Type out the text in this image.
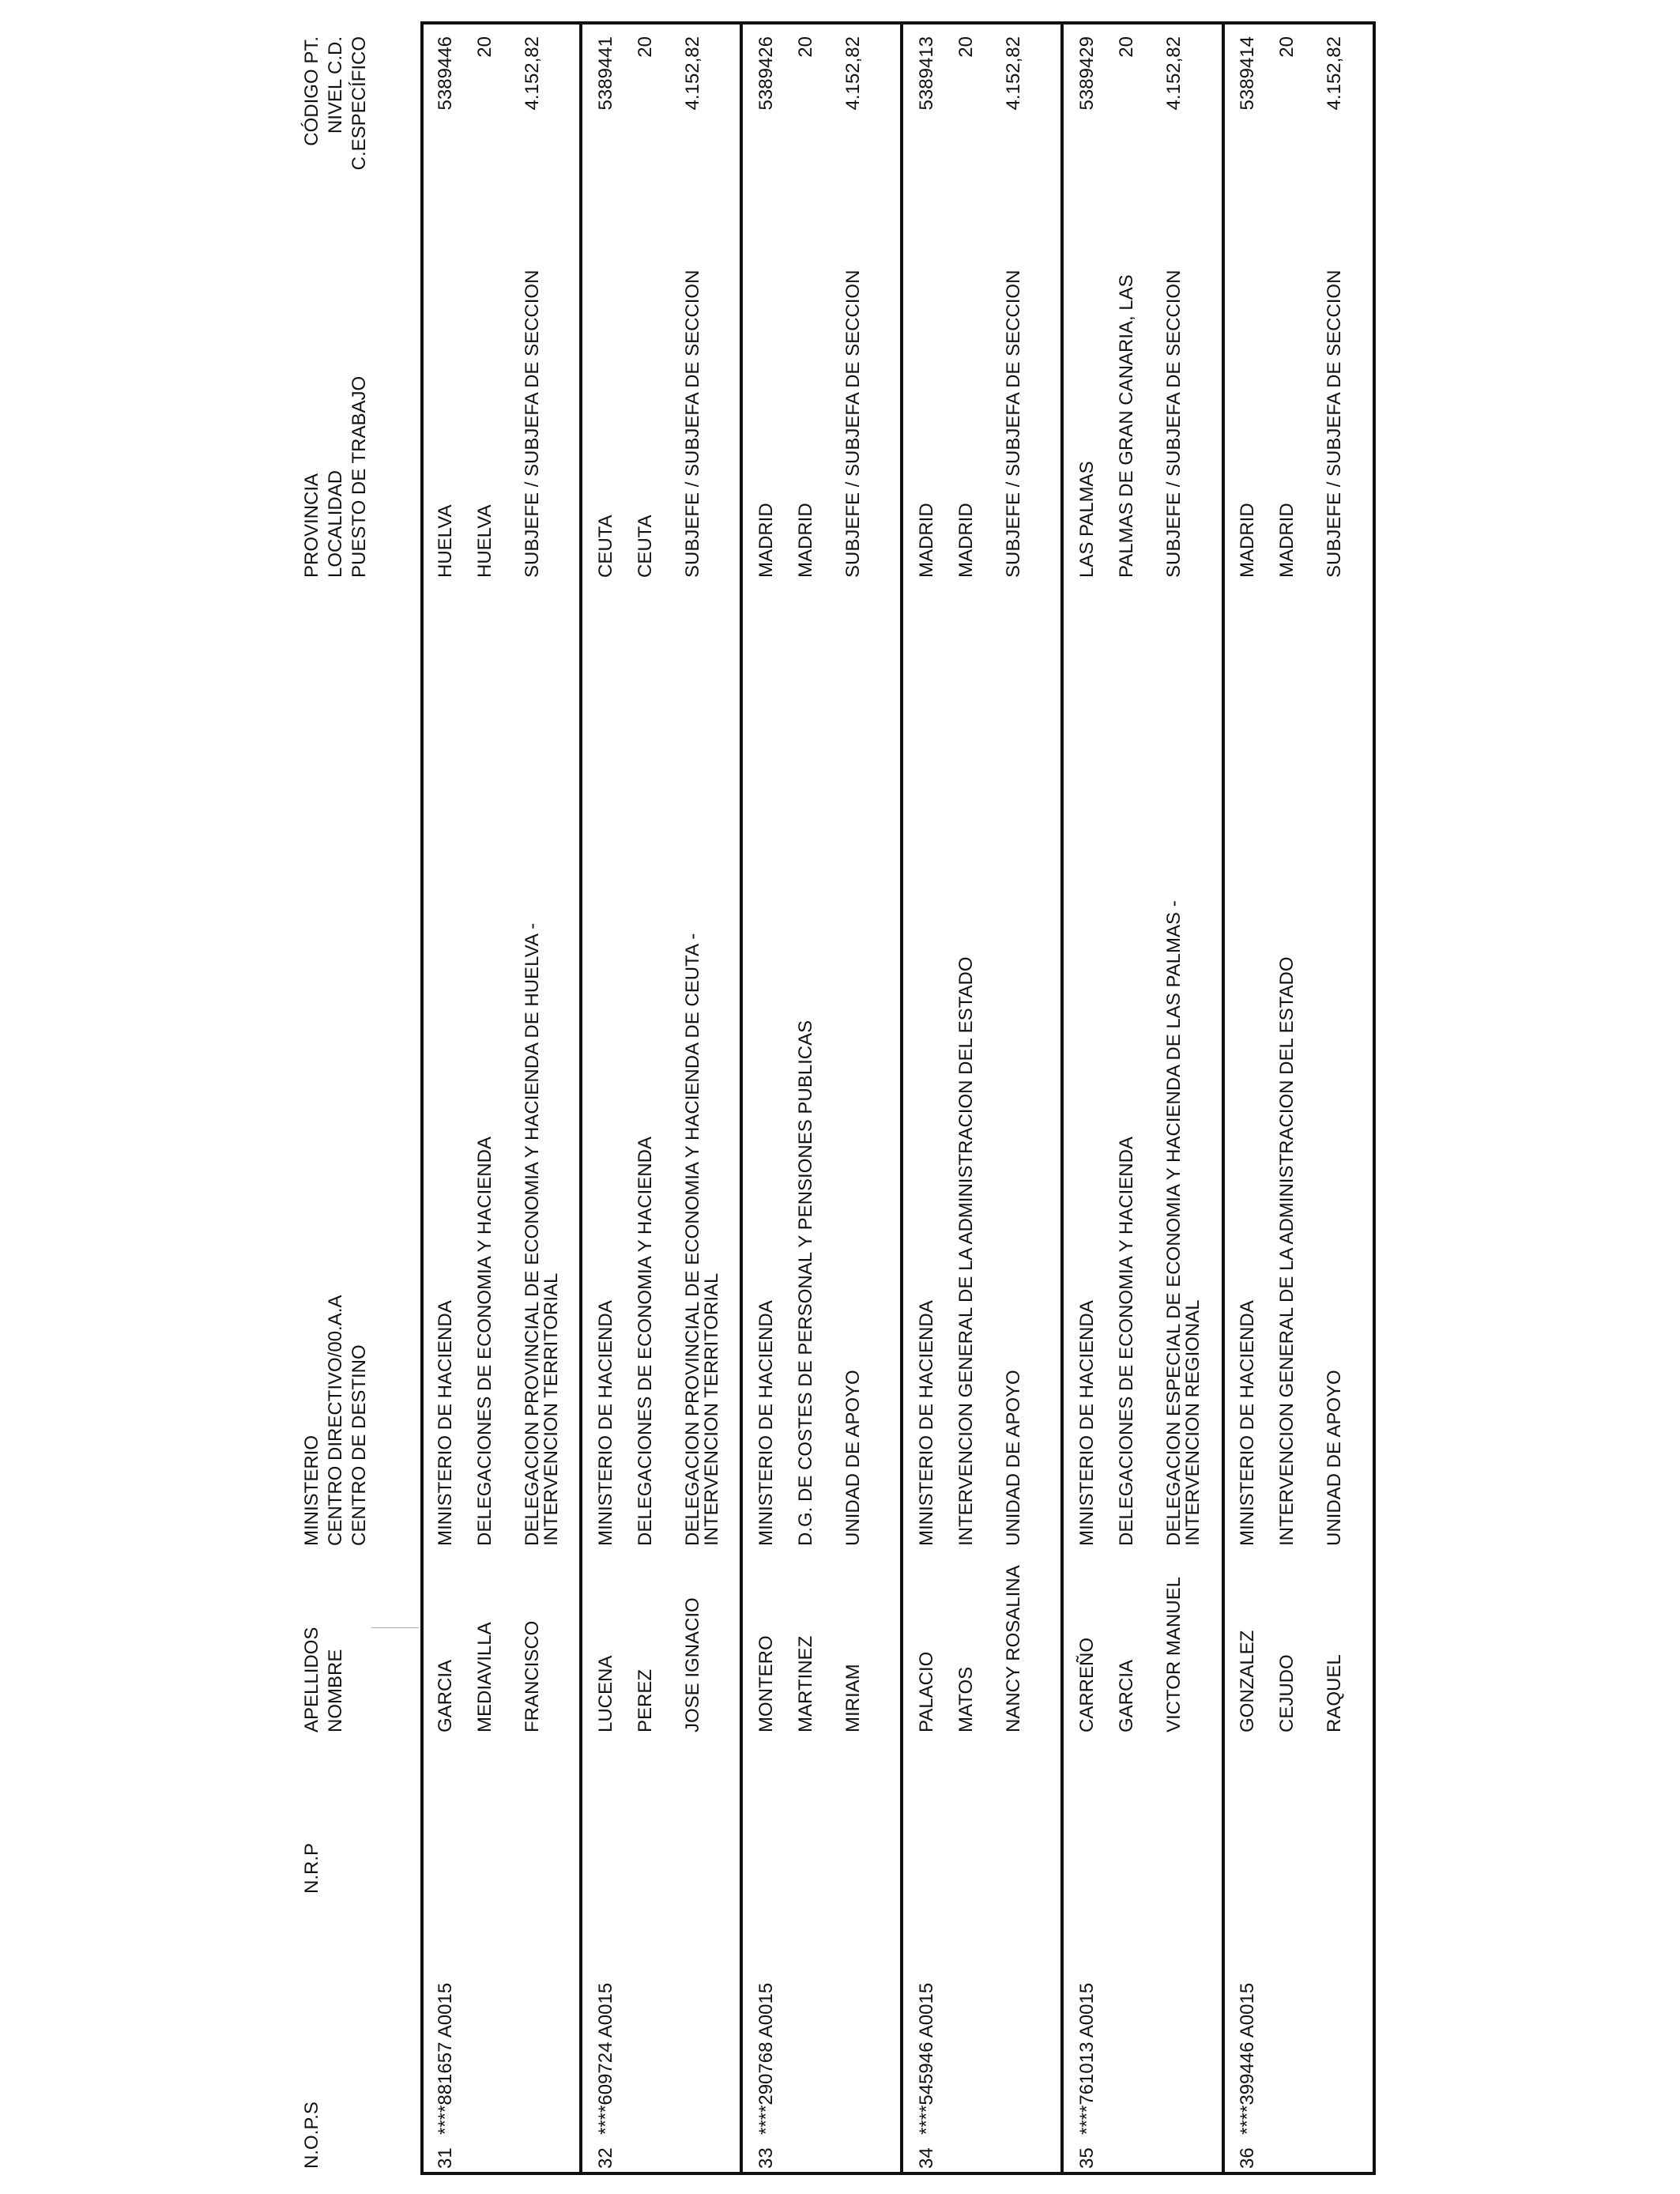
N.O.P.S
N.R.P
APELLIDOS NOMBRE
MINISTERIO CENTRO DIRECTIVO/00.A.A CENTRO DE DESTINO
PROVINCIA LOCALIDAD PUESTO DE TRABAJO
CÓDIGO PT. NIVEL C.D. C.ESPECÍFICO
31
****881657 A0015
GARCIA MEDIAVILLA FRANCISCO
MINISTERIO DE HACIENDA DELEGACIONES DE ECONOMIA Y HACIENDA DELEGACION PROVINCIAL DE ECONOMIA Y HACIENDA DE HUELVA -
INTERVENCION TERRITORIAL
HUELVA HUELVA SUBJEFE / SUBJEFA DE SECCION
5389446 20 4.152,82
32
****609724 A0015
LUCENA PEREZ JOSE IGNACIO
MINISTERIO DE HACIENDA DELEGACIONES DE ECONOMIA Y HACIENDA DELEGACION PROVINCIAL DE ECONOMIA Y HACIENDA DE CEUTA -
INTERVENCION TERRITORIAL
CEUTA CEUTA SUBJEFE / SUBJEFA DE SECCION
5389441 20 4.152,82
33
****290768 A0015
MONTERO MARTINEZ MIRIAM
MINISTERIO DE HACIENDA D.G. DE COSTES DE PERSONAL Y PENSIONES PUBLICAS UNIDAD DE APOYO
MADRID MADRID SUBJEFE / SUBJEFA DE SECCION
5389426 20 4.152,82
34
****545946 A0015
PALACIO MATOS NANCY ROSALINA
MINISTERIO DE HACIENDA INTERVENCION GENERAL DE LA ADMINISTRACION DEL ESTADO UNIDAD DE APOYO
MADRID MADRID SUBJEFE / SUBJEFA DE SECCION
5389413 20 4.152,82
35
****761013 A0015
CARREÑO GARCIA VICTOR MANUEL
MINISTERIO DE HACIENDA DELEGACIONES DE ECONOMIA Y HACIENDA DELEGACION ESPECIAL DE ECONOMIA Y HACIENDA DE LAS PALMAS -
INTERVENCION REGIONAL
LAS PALMAS PALMAS DE GRAN CANARIA, LAS SUBJEFE / SUBJEFA DE SECCION
5389429 20 4.152,82
36
****399446 A0015
GONZALEZ CEJUDO RAQUEL
MINISTERIO DE HACIENDA INTERVENCION GENERAL DE LA ADMINISTRACION DEL ESTADO UNIDAD DE APOYO
MADRID MADRID SUBJEFE / SUBJEFA DE SECCION
5389414 20 4.152,82
